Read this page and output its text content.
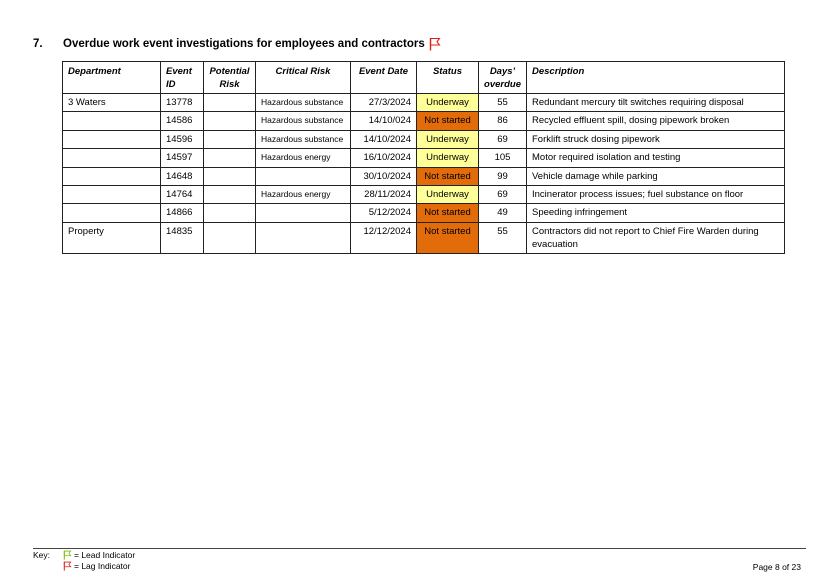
7.	Overdue work event investigations for employees and contractors
Department	Event ID	Potential Risk	Critical Risk	Event Date	Status	Days’ overdue	Description
3 Waters	13778		Hazardous substance	27/3/2024	Underway	55	Redundant mercury tilt switches requiring disposal
	14586		Hazardous substance	14/10/024	Not started	86	Recycled effluent spill, dosing pipework broken
	14596		Hazardous substance	14/10/2024	Underway	69	Forklift struck dosing pipework
	14597		Hazardous energy	16/10/2024	Underway	105	Motor required isolation and testing
	14648			30/10/2024	Not started	99	Vehicle damage while parking
	14764		Hazardous energy	28/11/2024	Underway	69	Incinerator process issues; fuel substance on floor
	14866			5/12/2024	Not started	49	Speeding infringement
Property	14835			12/12/2024	Not started	55	Contractors did not report to Chief Fire Warden during evacuation
Key:	= Lead Indicator
= Lag Indicator	Page 8 of 23
